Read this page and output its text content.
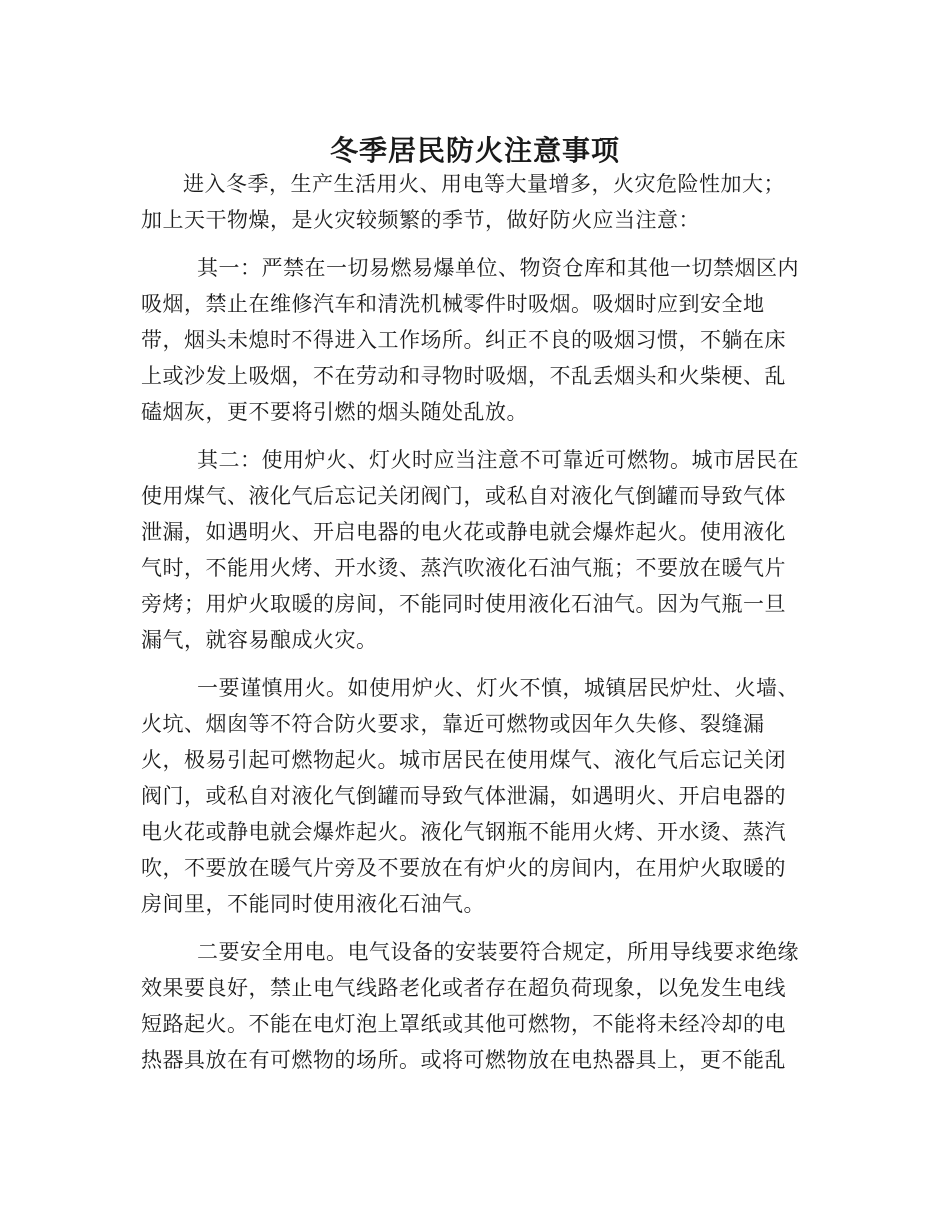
冬季居民防火注意事项

进入冬季，生产生活用火、用电等大量增多，火灾危险性加大；加上天干物燥，是火灾较频繁的季节，做好防火应当注意：

其一：严禁在一切易燃易爆单位、物资仓库和其他一切禁烟区内吸烟，禁止在维修汽车和清洗机械零件时吸烟。吸烟时应到安全地带，烟头未熄时不得进入工作场所。纠正不良的吸烟习惯，不躺在床上或沙发上吸烟，不在劳动和寻物时吸烟，不乱丢烟头和火柴梗、乱磕烟灰，更不要将引燃的烟头随处乱放。

其二：使用炉火、灯火时应当注意不可靠近可燃物。城市居民在使用煤气、液化气后忘记关闭阀门，或私自对液化气倒罐而导致气体泄漏，如遇明火、开启电器的电火花或静电就会爆炸起火。使用液化气时，不能用火烤、开水烫、蒸汽吹液化石油气瓶；不要放在暖气片旁烤；用炉火取暖的房间，不能同时使用液化石油气。因为气瓶一旦漏气，就容易酿成火灾。

一要谨慎用火。如使用炉火、灯火不慎，城镇居民炉灶、火墙、火坑、烟囱等不符合防火要求，靠近可燃物或因年久失修、裂缝漏火，极易引起可燃物起火。城市居民在使用煤气、液化气后忘记关闭阀门，或私自对液化气倒罐而导致气体泄漏，如遇明火、开启电器的电火花或静电就会爆炸起火。液化气钢瓶不能用火烤、开水烫、蒸汽吹，不要放在暖气片旁及不要放在有炉火的房间内，在用炉火取暖的房间里，不能同时使用液化石油气。

二要安全用电。电气设备的安装要符合规定，所用导线要求绝缘效果要良好，禁止电气线路老化或者存在超负荷现象，以免发生电线短路起火。不能在电灯泡上罩纸或其他可燃物，不能将未经冷却的电热器具放在有可燃物的场所。或将可燃物放在电热器具上，更不能乱
